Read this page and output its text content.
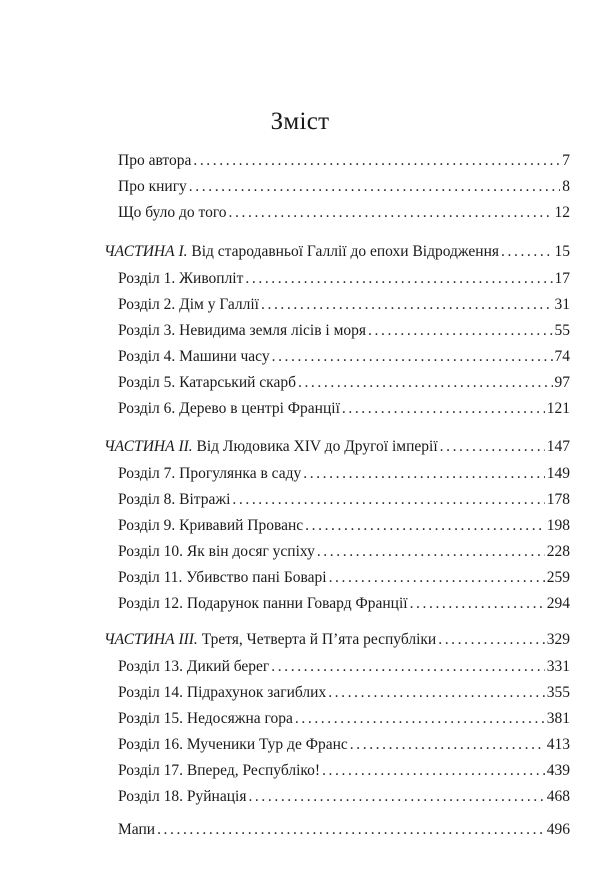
Зміст
Про автора .....	7
Про книгу .....	8
Що було до того .....	12
ЧАСТИНА I. Від стародавньої Галлії до епохи Відродження .....	15
Розділ 1. Живопліт .....	17
Розділ 2. Дім у Галлії .....	31
Розділ 3. Невидима земля лісів і моря .....	55
Розділ 4. Машини часу .....	74
Розділ 5. Катарський скарб .....	97
Розділ 6. Дерево в центрі Франції .....	121
ЧАСТИНА II. Від Людовика XIV до Другої імперії .....	147
Розділ 7. Прогулянка в саду .....	149
Розділ 8. Вітражі .....	178
Розділ 9. Кривавий Прованс .....	198
Розділ 10. Як він досяг успіху .....	228
Розділ 11. Убивство пані Боварі .....	259
Розділ 12. Подарунок панни Говард Франції .....	294
ЧАСТИНА III. Третя, Четверта й П’ята республіки .....	329
Розділ 13. Дикий берег .....	331
Розділ 14. Підрахунок загиблих .....	355
Розділ 15. Недосяжна гора .....	381
Розділ 16. Мученики Тур де Франс .....	413
Розділ 17. Вперед, Республіко! .....	439
Розділ 18. Руйнація .....	468
Мапи .....	496
